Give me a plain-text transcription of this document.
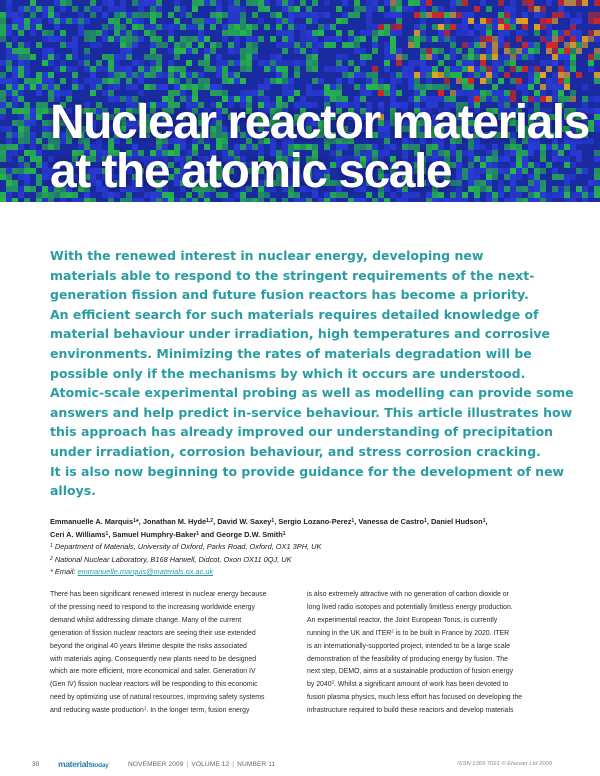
Nuclear reactor materials
at the atomic scale
With the renewed interest in nuclear energy, developing new
materials able to respond to the stringent requirements of the next-
generation fission and future fusion reactors has become a priority.
An efficient search for such materials requires detailed knowledge of
material behaviour under irradiation, high temperatures and corrosive
environments. Minimizing the rates of materials degradation will be
possible only if the mechanisms by which it occurs are understood.
Atomic-scale experimental probing as well as modelling can provide some
answers and help predict in-service behaviour. This article illustrates how
this approach has already improved our understanding of precipitation
under irradiation, corrosion behaviour, and stress corrosion cracking.
It is also now beginning to provide guidance for the development of new
alloys.
Emmanuelle A. Marquis$^1$*, Jonathan M. Hyde$^{1,2}$, David W. Saxey$^1$, Sergio Lozano-Perez$^1$, Vanessa de Castro$^1$, Daniel Hudson$^1$,
Ceri A. Williams$^1$, Samuel Humphry-Baker$^1$ and George D.W. Smith$^1$
$^1$ Department of Materials, University of Oxford, Parks Road, Oxford, OX1 3PH, UK
$^2$ National Nuclear Laboratory, B168 Harwell, Didcot, Oxon OX11 0QJ, UK
* Email: emmanuelle.marquis@materials.ox.ac.uk
There has been significant renewed interest in nuclear energy because
of the pressing need to respond to the increasing worldwide energy
demand whilst addressing climate change. Many of the current
generation of fission nuclear reactors are seeing their use extended
beyond the original 40 years lifetime despite the risks associated
with materials aging. Consequently new plants need to be designed
which are more efficient, more economical and safer. Generation IV
(Gen IV) fission nuclear reactors will be responding to this economic
need by optimizing use of natural resources, improving safety systems
and reducing waste production$^1$. In the longer term, fusion energy
is also extremely attractive with no generation of carbon dioxide or
long lived radio isotopes and potentially limitless energy production.
An experimental reactor, the Joint European Torus, is currently
running in the UK and ITER$^2$ is to be built in France by 2020. ITER
is an internationally-supported project, intended to be a large scale
demonstration of the feasibility of producing energy by fusion. The
next step, DEMO, aims at a sustainable production of fusion energy
by 2040$^3$. Whilst a significant amount of work has been devoted to
fusion plasma physics, much less effort has focused on developing the
infrastructure required to build these reactors and develop materials
30 materialstoday	NOVEMBER 2009 | VOLUME 12 | NUMBER 11	ISSN:1369 7021 © Elsevier Ltd 2009
